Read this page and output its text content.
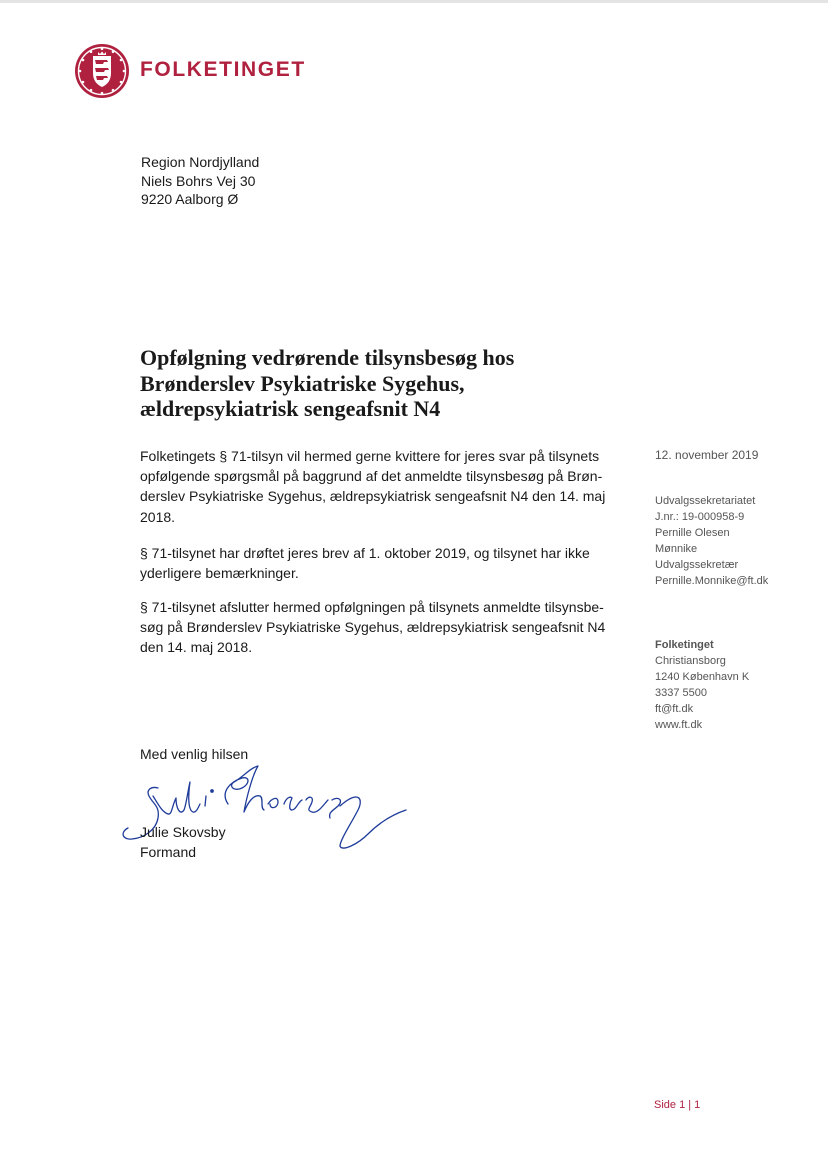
FOLKETINGET
Region Nordjylland
Niels Bohrs Vej 30
9220 Aalborg Ø
Opfølgning vedrørende tilsynsbesøg hos
Brønderslev Psykiatriske Sygehus,
ældrepsykiatrisk sengeafsnit N4
Folketingets § 71-tilsyn vil hermed gerne kvittere for jeres svar på tilsynets
opfølgende spørgsmål på baggrund af det anmeldte tilsynsbesøg på Brøn-
derslev Psykiatriske Sygehus, ældrepsykiatrisk sengeafsnit N4 den 14. maj
2018.
§ 71-tilsynet har drøftet jeres brev af 1. oktober 2019, og tilsynet har ikke
yderligere bemærkninger.
§ 71-tilsynet afslutter hermed opfølgningen på tilsynets anmeldte tilsynsbe-
søg på Brønderslev Psykiatriske Sygehus, ældrepsykiatrisk sengeafsnit N4
den 14. maj 2018.
12. november 2019
Udvalgssekretariatet
J.nr.: 19-000958-9
Pernille Olesen
Mønnike
Udvalgssekretær
Pernille.Monnike@ft.dk
Folketinget
Christiansborg
1240 København K
3337 5500
ft@ft.dk
www.ft.dk
Med venlig hilsen
Julie Skovsby
Formand
Side 1 | 1
